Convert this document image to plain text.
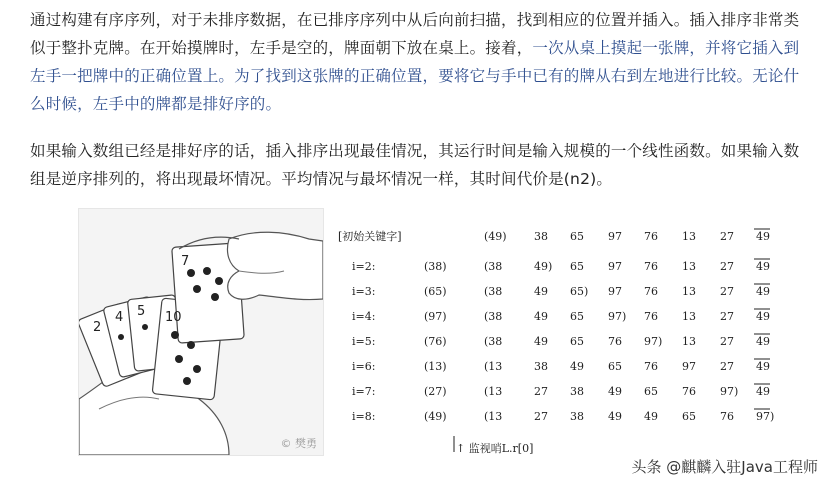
通过构建有序序列，对于未排序数据，在已排序序列中从后向前扫描，找到相应的位置并插入。插入排序非常类似于整扑克牌。在开始摸牌时，左手是空的，牌面朝下放在桌上。接着，一次从桌上摸起一张牌，并将它插入到左手一把牌中的正确位置上。为了找到这张牌的正确位置，要将它与手中已有的牌从右到左地进行比较。无论什么时候，左手中的牌都是排好序的。
如果输入数组已经是排好序的话，插入排序出现最佳情况，其运行时间是输入规模的一个线性函数。如果输入数组是逆序排列的，将出现最坏情况。平均情况与最坏情况一样，其时间代价是(n2)。
2
4 5 10
7
© 樊勇
[初始关键字]	(49) 38 65 97 76 13 27 49
i=2:	(38)	(38	49) 65 97 76 13 27 49
i=3:	(65)	(38	49 65) 97 76 13 27 49
i=4:	(97)	(38	49 65 97) 76 13 27 49
i=5:	(76)	(38	49 65 76 97) 13 27 49
i=6:	(13)	(13	38 49 65 76 97 27 49
i=7:	(27)	(13	27 38 49 65 76 97) 49
i=8:	(49)	(13	27 38 49 49 65 76 97)
↑ 监视哨L.r[0]
头条 @麒麟入驻Java工程师
